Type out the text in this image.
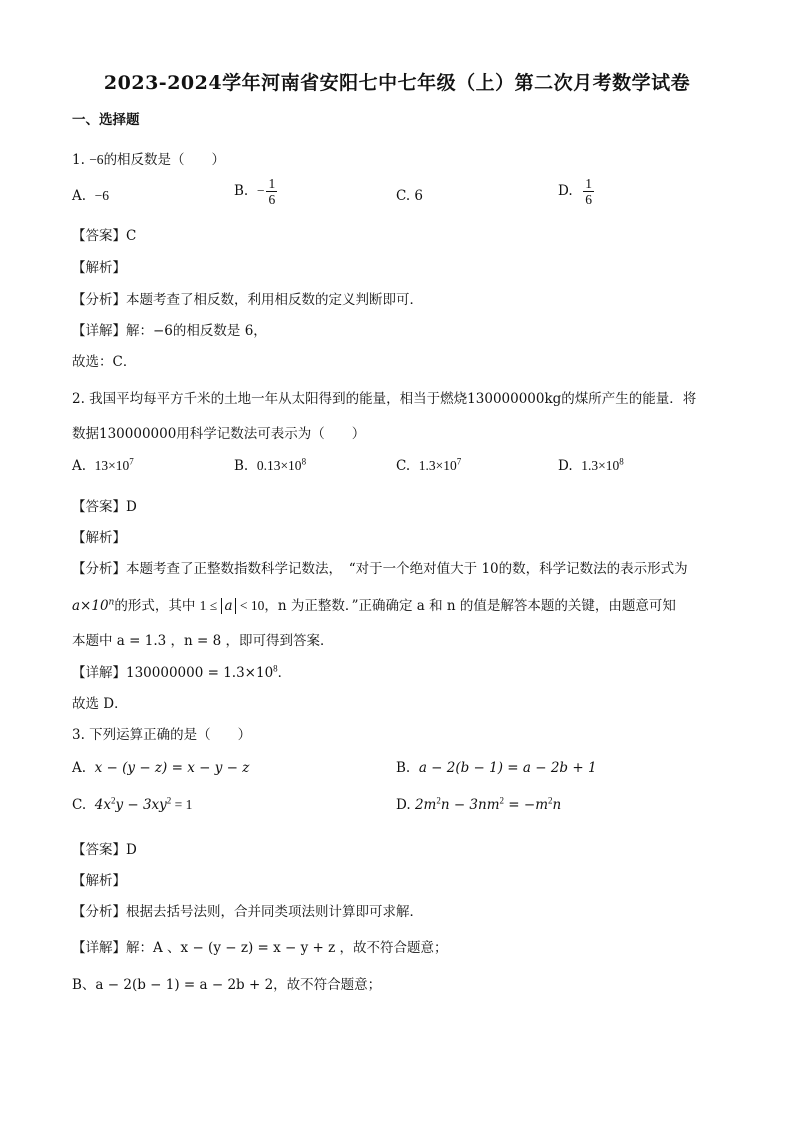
2023-2024学年河南省安阳七中七年级（上）第二次月考数学试卷
一、选择题
1. −6的相反数是（　　）
A. −6	B. − $\frac{1}{6}$	C. 6	D. $\frac{1}{6}$
【答案】C
【解析】
【分析】本题考查了相反数，利用相反数的定义判断即可．
【详解】解：−6的相反数是 6，
故选：C．
2. 我国平均每平方千米的土地一年从太阳得到的能量，相当于燃烧130000000kg的煤所产生的能量．将
数据130000000用科学记数法可表示为（　　）
A. $13\times 10^7$	B. $0.13\times 10^8$	C. $1.3\times 10^7$	D. $1.3\times 10^8$
【答案】D
【解析】
【分析】本题考查了正整数指数科学记数法，　“对于一个绝对值大于 10的数，科学记数法的表示形式为
$a\times 10^n$的形式，其中 1 ≤ a < 10，n 为正整数．”正确确定 a 和 n 的值是解答本题的关键，由题意可知
本题中 a = 1.3 ，n = 8 ，即可得到答案．
【详解】$130000000 = 1.3\times 10^8$．
故选 D．
3. 下列运算正确的是（　　）
A. x − (y − z) = x − y − z	B. a − 2(b − 1) = a − 2b + 1
C. $4x^2y - 3xy^2 = 1$	D. $2m^2n - 3nm^2 = -m^2n$
【答案】D
【解析】
【分析】根据去括号法则，合并同类项法则计算即可求解．
【详解】解：A 、x − (y − z) = x − y + z ，故不符合题意；
B、a − 2(b − 1) = a − 2b + 2，故不符合题意；
